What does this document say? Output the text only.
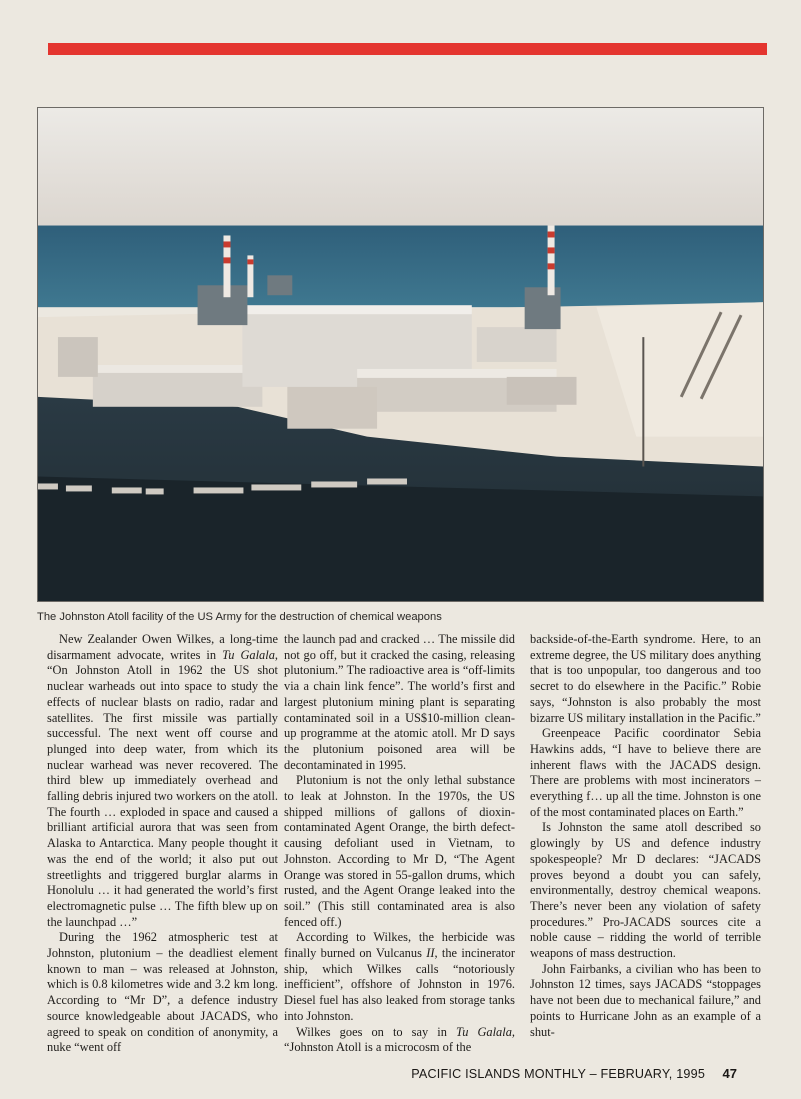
The Johnston Atoll facility of the US Army for the destruction of chemical weapons

New Zealander Owen Wilkes, a long-time disarmament advocate, writes in Tu Galala, “On Johnston Atoll in 1962 the US shot nuclear warheads out into space to study the effects of nuclear blasts on radio, radar and satellites. The first missile was partially successful. The next went off course and plunged into deep water, from which its nuclear warhead was never recovered. The third blew up immediately overhead and falling debris injured two workers on the atoll. The fourth … exploded in space and caused a brilliant artificial aurora that was seen from Alaska to Antarctica. Many people thought it was the end of the world; it also put out streetlights and triggered burglar alarms in Honolulu … it had generated the world’s first electromagnetic pulse … The fifth blew up on the launchpad …”

During the 1962 atmospheric test at Johnston, plutonium – the deadliest element known to man – was released at Johnston, which is 0.8 kilometres wide and 3.2 km long. According to “Mr D”, a defence industry source knowledgeable about JACADS, who agreed to speak on condition of anonymity, a nuke “went off

the launch pad and cracked … The missile did not go off, but it cracked the casing, releasing plutonium.” The radioactive area is “off-limits via a chain link fence”. The world’s first and largest plutonium mining plant is separating contaminated soil in a US$10-million clean-up programme at the atomic atoll. Mr D says the plutonium poisoned area will be decontaminated in 1995.

Plutonium is not the only lethal substance to leak at Johnston. In the 1970s, the US shipped millions of gallons of dioxin-contaminated Agent Orange, the birth defect-causing defoliant used in Vietnam, to Johnston. According to Mr D, “The Agent Orange was stored in 55-gallon drums, which rusted, and the Agent Orange leaked into the soil.” (This still contaminated area is also fenced off.)

According to Wilkes, the herbicide was finally burned on Vulcanus II, the incinerator ship, which Wilkes calls “notoriously inefficient”, offshore of Johnston in 1976. Diesel fuel has also leaked from storage tanks into Johnston.

Wilkes goes on to say in Tu Galala, “Johnston Atoll is a microcosm of the

backside-of-the-Earth syndrome. Here, to an extreme degree, the US military does anything that is too unpopular, too dangerous and too secret to do elsewhere in the Pacific.” Robie says, “Johnston is also probably the most bizarre US military installation in the Pacific.”

Greenpeace Pacific coordinator Sebia Hawkins adds, “I have to believe there are inherent flaws with the JACADS design. There are problems with most incinerators – everything f… up all the time. Johnston is one of the most contaminated places on Earth.”

Is Johnston the same atoll described so glowingly by US and defence industry spokespeople? Mr D declares: “JACADS proves beyond a doubt you can safely, environmentally, destroy chemical weapons. There’s never been any violation of safety procedures.” Pro-JACADS sources cite a noble cause – ridding the world of terrible weapons of mass destruction.

John Fairbanks, a civilian who has been to Johnston 12 times, says JACADS “stoppages have not been due to mechanical failure,” and points to Hurricane John as an example of a shut-

PACIFIC ISLANDS MONTHLY – FEBRUARY, 1995 47
